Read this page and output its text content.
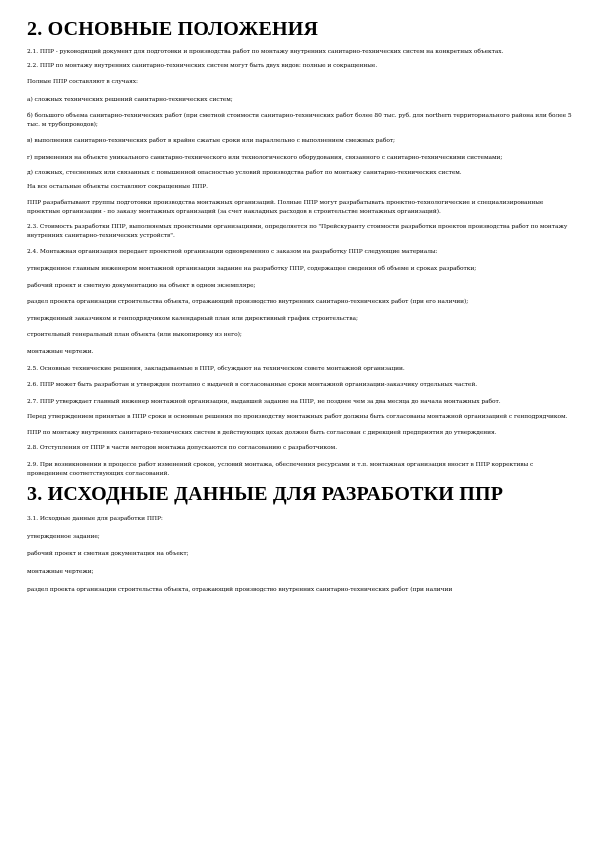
2. ОСНОВНЫЕ ПОЛОЖЕНИЯ

2.1. ППР - руководящий документ для подготовки и производства работ по монтажу внутренних санитарно-технических систем на конкретных объектах.

2.2. ППР по монтажу внутренних санитарно-технических систем могут быть двух видов: полные и сокращенные.

Полные ППР составляют в случаях:

а) сложных технических решений санитарно-технических систем;

б) большого объема санитарно-технических работ (при сметной стоимости санитарно-технических работ более 80 тыс. руб. для northern территориального района или более 5 тыс. м трубопроводов);

в) выполнения санитарно-технических работ в крайне сжатые сроки или параллельно с выполнением смежных работ;

г) применения на объекте уникального санитарно-технического или технологического оборудования, связанного с санитарно-техническими системами;

д) сложных, стесненных или связанных с повышенной опасностью условий производства работ по монтажу санитарно-технических систем.

На все остальные объекты составляют сокращенные ППР.

ППР разрабатывают группы подготовки производства монтажных организаций. Полные ППР могут разрабатывать проектно-технологические и специализированные проектные организации - по заказу монтажных организаций (за счет накладных расходов в строительстве монтажных организаций).

2.3. Стоимость разработки ППР, выполняемых проектными организациями, определяется по "Прейскуранту стоимости разработки проектов производства работ по монтажу внутренних санитарно-технических устройств".

2.4. Монтажная организация передает проектной организации одновременно с заказом на разработку ППР следующие материалы:

утвержденное главным инженером монтажной организации задание на разработку ППР, содержащее сведения об объеме и сроках разработки;

рабочий проект и сметную документацию на объект в одном экземпляре;

раздел проекта организации строительства объекта, отражающий производство внутренних санитарно-технических работ (при его наличии);

утвержденный заказчиком и генподрядчиком календарный план или директивный график строительства;

строительный генеральный план объекта (или выкопировку из него);

монтажные чертежи.

2.5. Основные технические решения, закладываемые в ППР, обсуждают на техническом совете монтажной организации.

2.6. ППР может быть разработан и утвержден поэтапно с выдачей в согласованные сроки монтажной организации-заказчику отдельных частей.

2.7. ППР утверждает главный инженер монтажной организации, выдавшей задание на ППР, не позднее чем за два месяца до начала монтажных работ.

Перед утверждением принятые в ППР сроки и основные решения по производству монтажных работ должны быть согласованы монтажной организацией с генподрядчиком.

ППР по монтажу внутренних санитарно-технических систем в действующих цехах должен быть согласован с дирекцией предприятия до утверждения.

2.8. Отступления от ППР в части методов монтажа допускаются по согласованию с разработчиком.

2.9. При возникновении в процессе работ изменений сроков, условий монтажа, обеспечения ресурсами и т.п. монтажная организация вносит в ППР коррективы с проведением соответствующих согласований.

3. ИСХОДНЫЕ ДАННЫЕ ДЛЯ РАЗРАБОТКИ ППР

3.1. Исходные данные для разработки ППР:

утвержденное задание;

рабочий проект и сметная документация на объект;

монтажные чертежи;

раздел проекта организации строительства объекта, отражающий производство внутренних санитарно-технических работ (при наличии
